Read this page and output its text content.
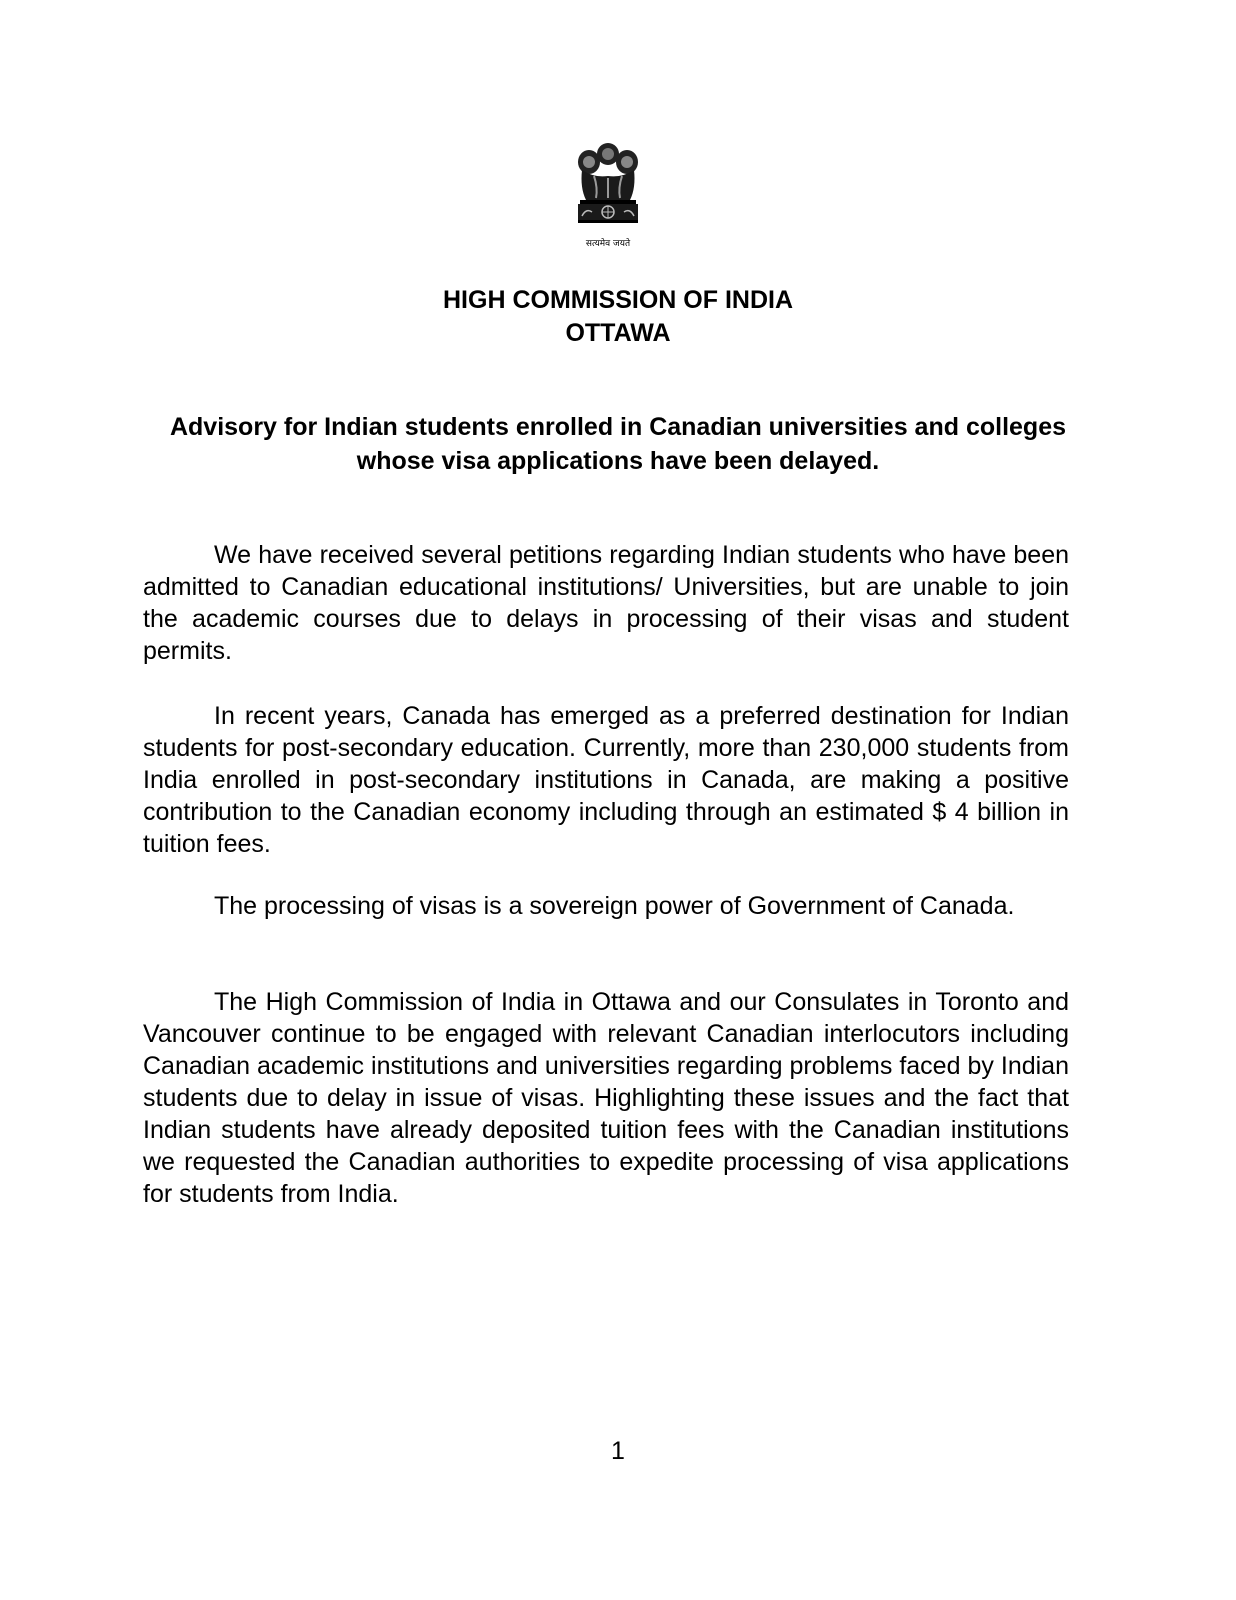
सत्यमेव जयते
HIGH COMMISSION OF INDIA
OTTAWA
Advisory for Indian students enrolled in Canadian universities and colleges whose visa applications have been delayed.

We have received several petitions regarding Indian students who have been admitted to Canadian educational institutions/ Universities, but are unable to join the academic courses due to delays in processing of their visas and student permits.

In recent years, Canada has emerged as a preferred destination for Indian students for post-secondary education. Currently, more than 230,000 students from India enrolled in post-secondary institutions in Canada, are making a positive contribution to the Canadian economy including through an estimated $ 4 billion in tuition fees.

The processing of visas is a sovereign power of Government of Canada.

The High Commission of India in Ottawa and our Consulates in Toronto and Vancouver continue to be engaged with relevant Canadian interlocutors including Canadian academic institutions and universities regarding problems faced by Indian students due to delay in issue of visas. Highlighting these issues and the fact that Indian students have already deposited tuition fees with the Canadian institutions we requested the Canadian authorities to expedite processing of visa applications for students from India.

1
